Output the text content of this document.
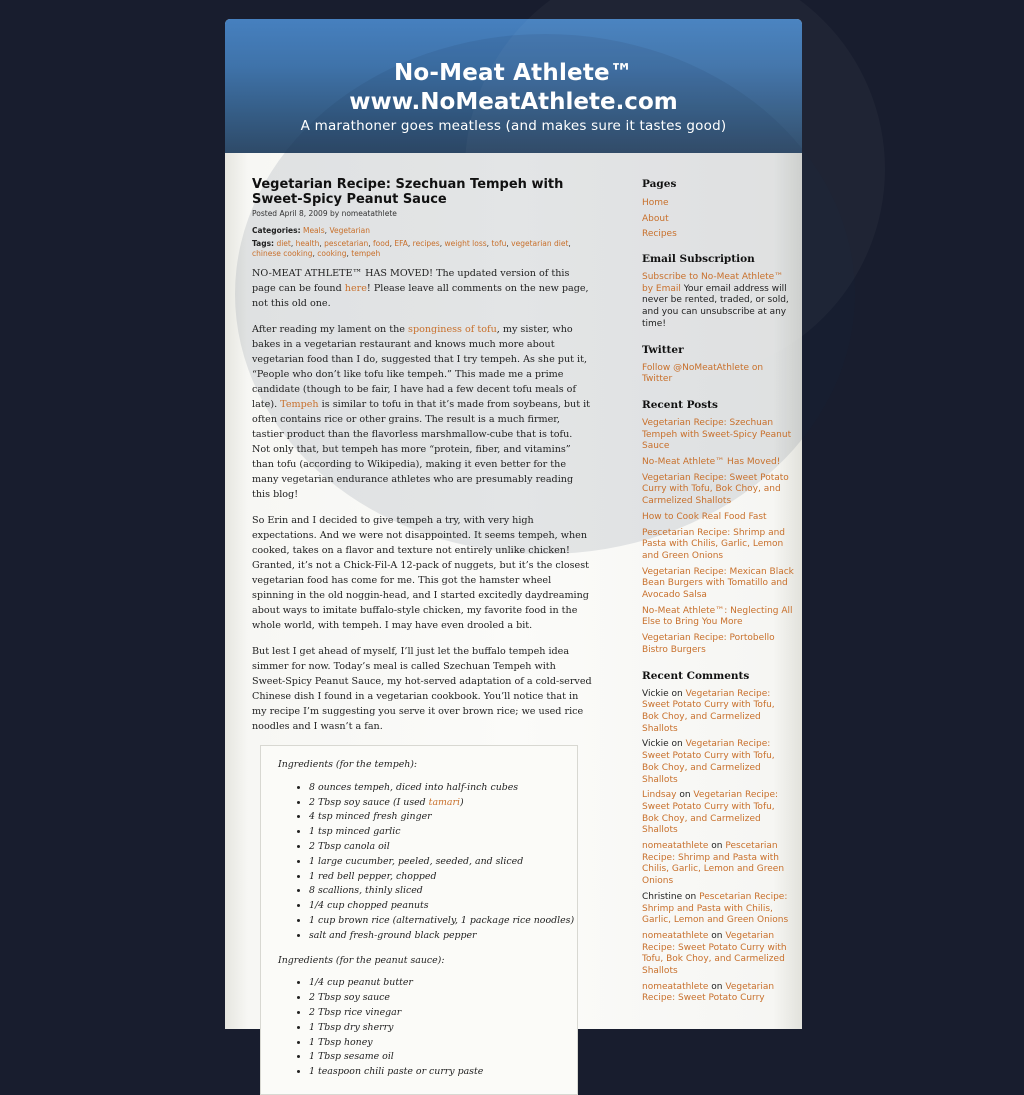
No-Meat Athlete™
www.NoMeatAthlete.com
A marathoner goes meatless (and makes sure it tastes good)
Vegetarian Recipe: Szechuan Tempeh with Sweet-Spicy Peanut Sauce
Posted April 8, 2009 by nomeatathlete
Categories: Meals, Vegetarian
Tags: diet, health, pescetarian, food, EFA, recipes, weight loss, tofu, vegetarian diet, chinese cooking, cooking, tempeh

NO-MEAT ATHLETE™ HAS MOVED! The updated version of this page can be found here! Please leave all comments on the new page, not this old one.

After reading my lament on the sponginess of tofu, my sister, who bakes in a vegetarian restaurant and knows much more about vegetarian food than I do, suggested that I try tempeh. As she put it, “People who don’t like tofu like tempeh.” This made me a prime candidate (though to be fair, I have had a few decent tofu meals of late). Tempeh is similar to tofu in that it’s made from soybeans, but it often contains rice or other grains. The result is a much firmer, tastier product than the flavorless marshmallow-cube that is tofu. Not only that, but tempeh has more “protein, fiber, and vitamins” than tofu (according to Wikipedia), making it even better for the many vegetarian endurance athletes who are presumably reading this blog!

So Erin and I decided to give tempeh a try, with very high expectations. And we were not disappointed. It seems tempeh, when cooked, takes on a flavor and texture not entirely unlike chicken! Granted, it’s not a Chick-Fil-A 12-pack of nuggets, but it’s the closest vegetarian food has come for me. This got the hamster wheel spinning in the old noggin-head, and I started excitedly daydreaming about ways to imitate buffalo-style chicken, my favorite food in the whole world, with tempeh. I may have even drooled a bit.

But lest I get ahead of myself, I’ll just let the buffalo tempeh idea simmer for now. Today’s meal is called Szechuan Tempeh with Sweet-Spicy Peanut Sauce, my hot-served adaptation of a cold-served Chinese dish I found in a vegetarian cookbook. You’ll notice that in my recipe I’m suggesting you serve it over brown rice; we used rice noodles and I wasn’t a fan.

Ingredients (for the tempeh):
• 8 ounces tempeh, diced into half-inch cubes
• 2 Tbsp soy sauce (I used tamari)
• 4 tsp minced fresh ginger
• 1 tsp minced garlic
• 2 Tbsp canola oil
• 1 large cucumber, peeled, seeded, and sliced
• 1 red bell pepper, chopped
• 8 scallions, thinly sliced
• 1/4 cup chopped peanuts
• 1 cup brown rice (alternatively, 1 package rice noodles)
• salt and fresh-ground black pepper
Ingredients (for the peanut sauce):
• 1/4 cup peanut butter
• 2 Tbsp soy sauce
• 2 Tbsp rice vinegar
• 1 Tbsp dry sherry
• 1 Tbsp honey
• 1 Tbsp sesame oil
• 1 teaspoon chili paste or curry paste
Pages
Home
About
Recipes
Email Subscription
Subscribe to No-Meat Athlete™ by Email Your email address will never be rented, traded, or sold, and you can unsubscribe at any time!
Twitter
Follow @NoMeatAthlete on Twitter
Recent Posts
Vegetarian Recipe: Szechuan Tempeh with Sweet-Spicy Peanut Sauce
No-Meat Athlete™ Has Moved!
Vegetarian Recipe: Sweet Potato Curry with Tofu, Bok Choy, and Carmelized Shallots
How to Cook Real Food Fast
Pescetarian Recipe: Shrimp and Pasta with Chilis, Garlic, Lemon and Green Onions
Vegetarian Recipe: Mexican Black Bean Burgers with Tomatillo and Avocado Salsa
No-Meat Athlete™: Neglecting All Else to Bring You More
Vegetarian Recipe: Portobello Bistro Burgers
Recent Comments
Vickie on Vegetarian Recipe: Sweet Potato Curry with Tofu, Bok Choy, and Carmelized Shallots
Vickie on Vegetarian Recipe: Sweet Potato Curry with Tofu, Bok Choy, and Carmelized Shallots
Lindsay on Vegetarian Recipe: Sweet Potato Curry with Tofu, Bok Choy, and Carmelized Shallots
nomeatathlete on Pescetarian Recipe: Shrimp and Pasta with Chilis, Garlic, Lemon and Green Onions
Christine on Pescetarian Recipe: Shrimp and Pasta with Chilis, Garlic, Lemon and Green Onions
nomeatathlete on Vegetarian Recipe: Sweet Potato Curry with Tofu, Bok Choy, and Carmelized Shallots
nomeatathlete on Vegetarian Recipe: Sweet Potato Curry
